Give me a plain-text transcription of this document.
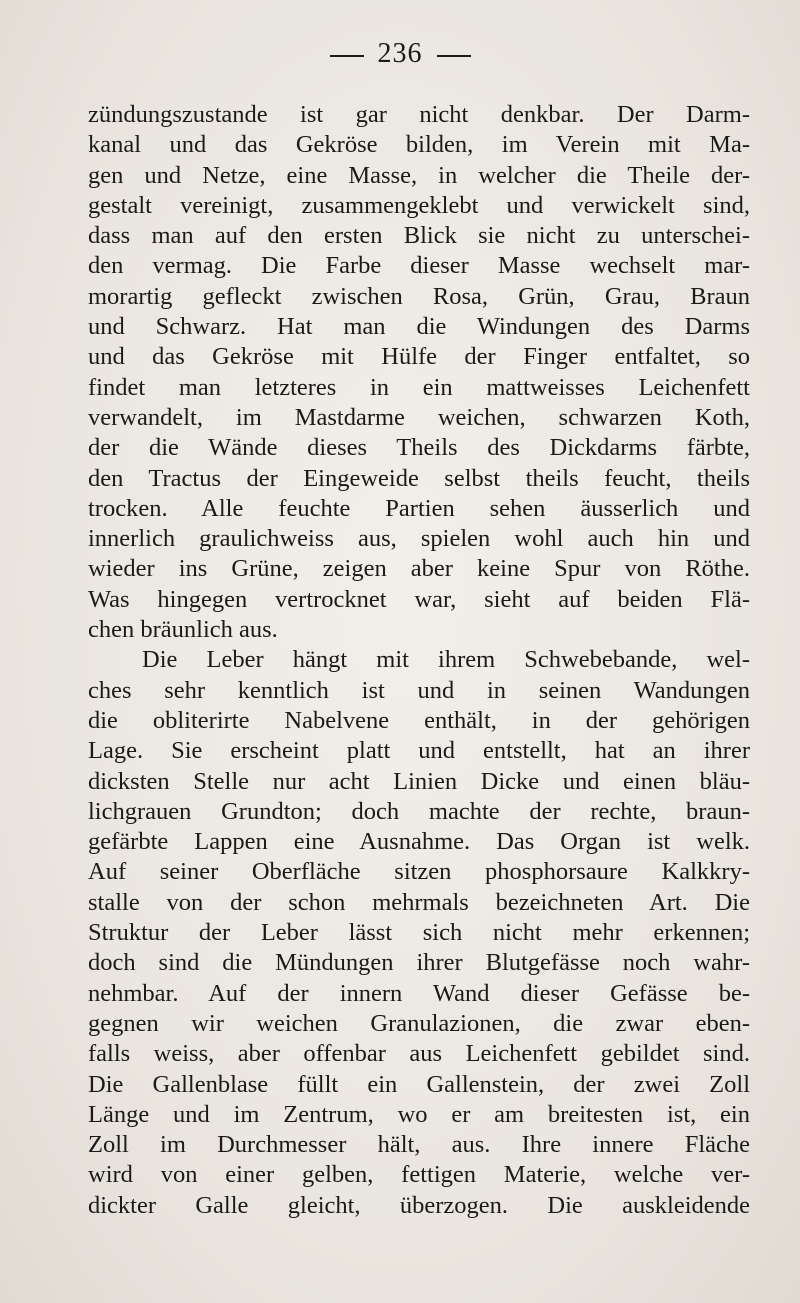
236
zündungszustande ist gar nicht denkbar. Der Darm-
kanal und das Gekröse bilden, im Verein mit Ma-
gen und Netze, eine Masse, in welcher die Theile der-
gestalt vereinigt, zusammengeklebt und verwickelt sind,
dass man auf den ersten Blick sie nicht zu unterschei-
den vermag. Die Farbe dieser Masse wechselt mar-
morartig gefleckt zwischen Rosa, Grün, Grau, Braun
und Schwarz. Hat man die Windungen des Darms
und das Gekröse mit Hülfe der Finger entfaltet, so
findet man letzteres in ein mattweisses Leichenfett
verwandelt, im Mastdarme weichen, schwarzen Koth,
der die Wände dieses Theils des Dickdarms färbte,
den Tractus der Eingeweide selbst theils feucht, theils
trocken. Alle feuchte Partien sehen äusserlich und
innerlich graulichweiss aus, spielen wohl auch hin und
wieder ins Grüne, zeigen aber keine Spur von Röthe.
Was hingegen vertrocknet war, sieht auf beiden Flä-
chen bräunlich aus.
Die Leber hängt mit ihrem Schwebebande, wel-
ches sehr kenntlich ist und in seinen Wandungen
die obliterirte Nabelvene enthält, in der gehörigen
Lage. Sie erscheint platt und entstellt, hat an ihrer
dicksten Stelle nur acht Linien Dicke und einen bläu-
lichgrauen Grundton; doch machte der rechte, braun-
gefärbte Lappen eine Ausnahme. Das Organ ist welk.
Auf seiner Oberfläche sitzen phosphorsaure Kalkkry-
stalle von der schon mehrmals bezeichneten Art. Die
Struktur der Leber lässt sich nicht mehr erkennen;
doch sind die Mündungen ihrer Blutgefässe noch wahr-
nehmbar. Auf der innern Wand dieser Gefässe be-
gegnen wir weichen Granulazionen, die zwar eben-
falls weiss, aber offenbar aus Leichenfett gebildet sind.
Die Gallenblase füllt ein Gallenstein, der zwei Zoll
Länge und im Zentrum, wo er am breitesten ist, ein
Zoll im Durchmesser hält, aus. Ihre innere Fläche
wird von einer gelben, fettigen Materie, welche ver-
dickter Galle gleicht, überzogen. Die auskleidende
